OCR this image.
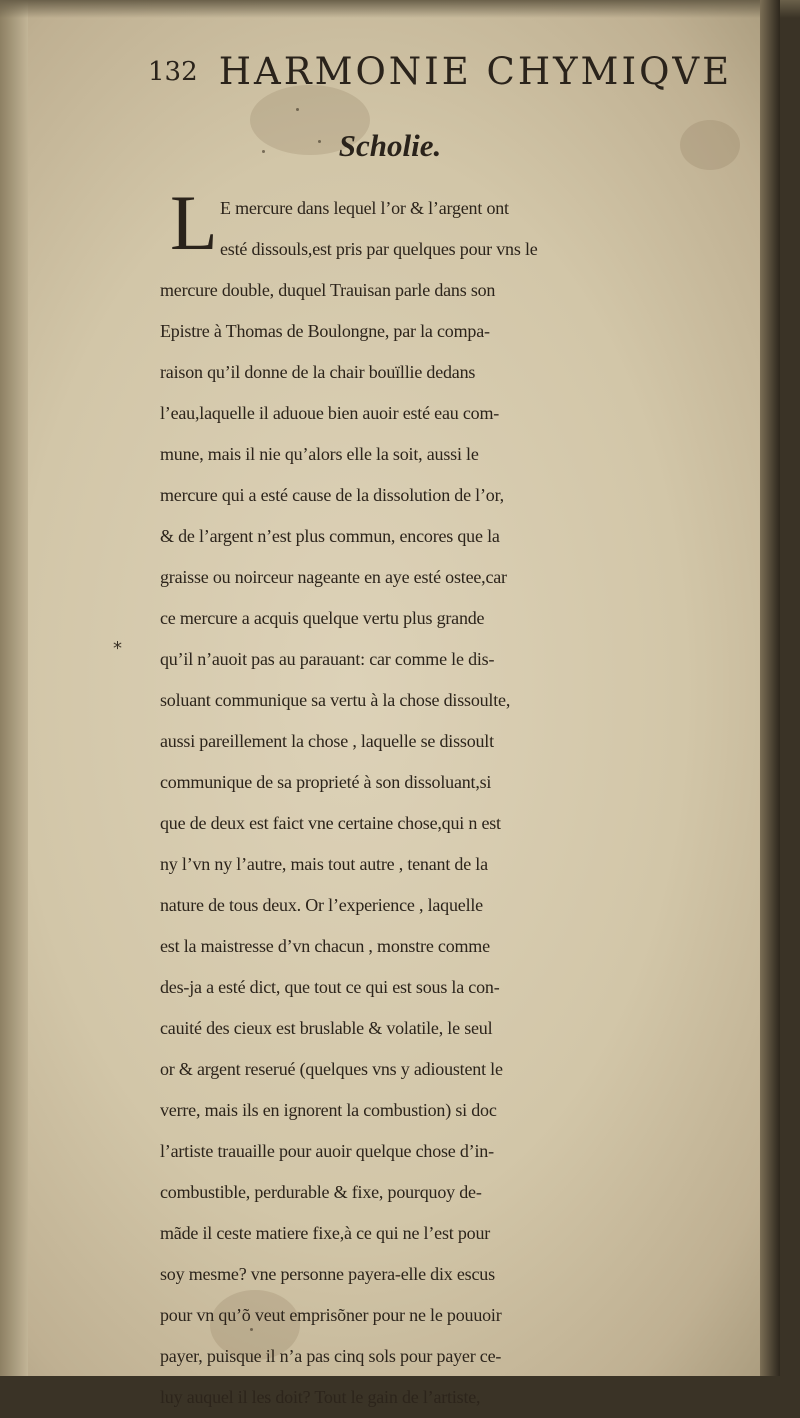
132 HARMONIE CHYMIQVE
Scholie.
L
*
E mercure dans lequel l’or & l’argent ont
esté dissouls,est pris par quelques pour vns le
mercure double, duquel Trauisan parle dans son
Epistre à Thomas de Boulongne, par la compa-
raison qu’il donne de la chair bouïllie dedans
l’eau,laquelle il aduoue bien auoir esté eau com-
mune, mais il nie qu’alors elle la soit, aussi le
mercure qui a esté cause de la dissolution de l’or,
& de l’argent n’est plus commun, encores que la
graisse ou noirceur nageante en aye esté ostee,car
ce mercure a acquis quelque vertu plus grande
qu’il n’auoit pas au parauant: car comme le dis-
soluant communique sa vertu à la chose dissoulte,
aussi pareillement la chose , laquelle se dissoult
communique de sa proprieté à son dissoluant,si
que de deux est faict vne certaine chose,qui n est
ny l’vn ny l’autre, mais tout autre , tenant de la
nature de tous deux. Or l’experience , laquelle
est la maistresse d’vn chacun , monstre comme
des-ja a esté dict, que tout ce qui est sous la con-
cauité des cieux est bruslable & volatile, le seul
or & argent reserué (quelques vns y adioustent le
verre, mais ils en ignorent la combustion) si doc
l’artiste trauaille pour auoir quelque chose d’in-
combustible, perdurable & fixe, pourquoy de-
mãde il ceste matiere fixe,à ce qui ne l’est pour
soy mesme? vne personne payera-elle dix escus
pour vn qu’õ veut emprisõner pour ne le pouuoir
payer, puisque il n’a pas cinq sols pour payer ce-
luy auquel il les doit? Tout le gain de l’artiste,
